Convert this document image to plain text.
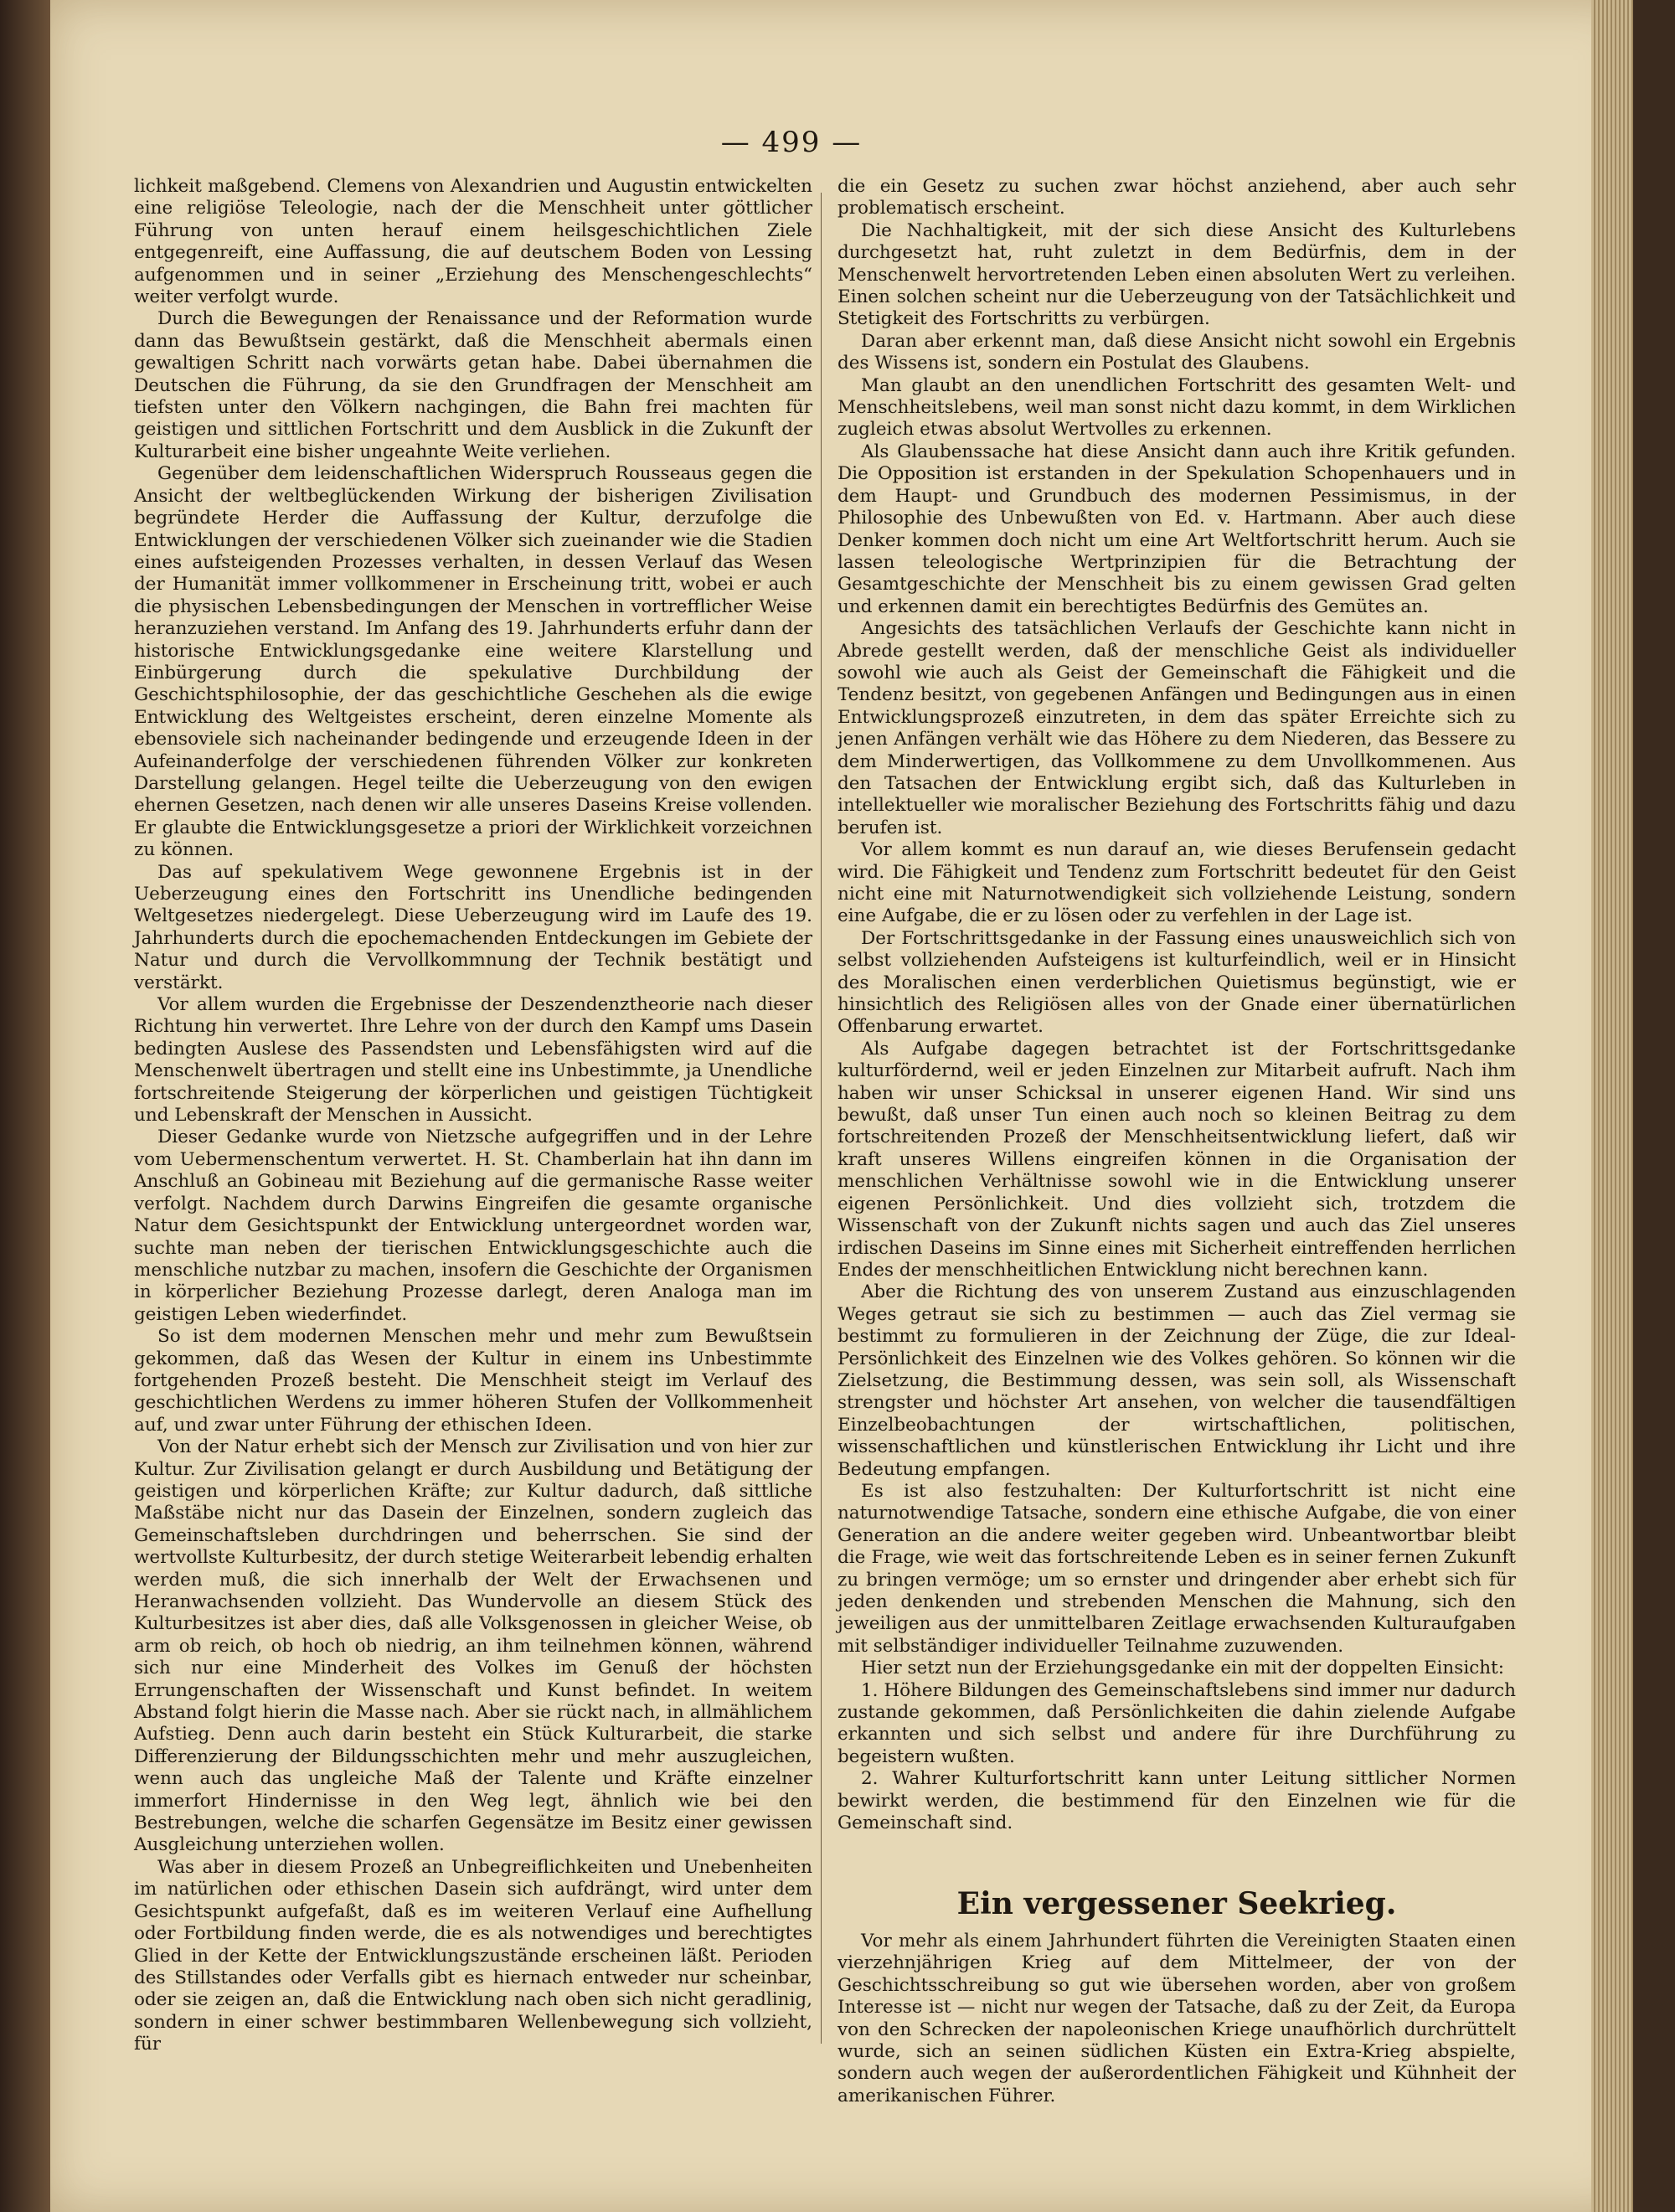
— 499 —

lichkeit maßgebend. Clemens von Alexandrien und Augustin entwickelten eine religiöse Teleologie, nach der die Menschheit unter göttlicher Führung von unten herauf einem heilsgeschichtlichen Ziele entgegenreift, eine Auffassung, die auf deutschem Boden von Lessing aufgenommen und in seiner „Erziehung des Menschengeschlechts“ weiter verfolgt wurde.

Durch die Bewegungen der Renaissance und der Reformation wurde dann das Bewußtsein gestärkt, daß die Menschheit abermals einen gewaltigen Schritt nach vorwärts getan habe. Dabei übernahmen die Deutschen die Führung, da sie den Grundfragen der Menschheit am tiefsten unter den Völkern nachgingen, die Bahn frei machten für geistigen und sittlichen Fortschritt und dem Ausblick in die Zukunft der Kulturarbeit eine bisher ungeahnte Weite verliehen.

Gegenüber dem leidenschaftlichen Widerspruch Rousseaus gegen die Ansicht der weltbeglückenden Wirkung der bisherigen Zivilisation begründete Herder die Auffassung der Kultur, derzufolge die Entwicklungen der verschiedenen Völker sich zueinander wie die Stadien eines aufsteigenden Prozesses verhalten, in dessen Verlauf das Wesen der Humanität immer vollkommener in Erscheinung tritt, wobei er auch die physischen Lebensbedingungen der Menschen in vortrefflicher Weise heranzuziehen verstand. Im Anfang des 19. Jahrhunderts erfuhr dann der historische Entwicklungsgedanke eine weitere Klarstellung und Einbürgerung durch die spekulative Durchbildung der Geschichtsphilosophie, der das geschichtliche Geschehen als die ewige Entwicklung des Weltgeistes erscheint, deren einzelne Momente als ebensoviele sich nacheinander bedingende und erzeugende Ideen in der Aufeinanderfolge der verschiedenen führenden Völker zur konkreten Darstellung gelangen. Hegel teilte die Ueberzeugung von den ewigen ehernen Gesetzen, nach denen wir alle unseres Daseins Kreise vollenden. Er glaubte die Entwicklungsgesetze a priori der Wirklichkeit vorzeichnen zu können.

Das auf spekulativem Wege gewonnene Ergebnis ist in der Ueberzeugung eines den Fortschritt ins Unendliche bedingenden Weltgesetzes niedergelegt. Diese Ueberzeugung wird im Laufe des 19. Jahrhunderts durch die epochemachenden Entdeckungen im Gebiete der Natur und durch die Vervollkommnung der Technik bestätigt und verstärkt.

Vor allem wurden die Ergebnisse der Deszendenztheorie nach dieser Richtung hin verwertet. Ihre Lehre von der durch den Kampf ums Dasein bedingten Auslese des Passendsten und Lebensfähigsten wird auf die Menschenwelt übertragen und stellt eine ins Unbestimmte, ja Unendliche fortschreitende Steigerung der körperlichen und geistigen Tüchtigkeit und Lebenskraft der Menschen in Aussicht.

Dieser Gedanke wurde von Nietzsche aufgegriffen und in der Lehre vom Uebermenschentum verwertet. H. St. Chamberlain hat ihn dann im Anschluß an Gobineau mit Beziehung auf die germanische Rasse weiter verfolgt. Nachdem durch Darwins Eingreifen die gesamte organische Natur dem Gesichtspunkt der Entwicklung untergeordnet worden war, suchte man neben der tierischen Entwicklungsgeschichte auch die menschliche nutzbar zu machen, insofern die Geschichte der Organismen in körperlicher Beziehung Prozesse darlegt, deren Analoga man im geistigen Leben wiederfindet.

So ist dem modernen Menschen mehr und mehr zum Bewußtsein gekommen, daß das Wesen der Kultur in einem ins Unbestimmte fortgehenden Prozeß besteht. Die Menschheit steigt im Verlauf des geschichtlichen Werdens zu immer höheren Stufen der Vollkommenheit auf, und zwar unter Führung der ethischen Ideen.

Von der Natur erhebt sich der Mensch zur Zivilisation und von hier zur Kultur. Zur Zivilisation gelangt er durch Ausbildung und Betätigung der geistigen und körperlichen Kräfte; zur Kultur dadurch, daß sittliche Maßstäbe nicht nur das Dasein der Einzelnen, sondern zugleich das Gemeinschaftsleben durchdringen und beherrschen. Sie sind der wertvollste Kulturbesitz, der durch stetige Weiterarbeit lebendig erhalten werden muß, die sich innerhalb der Welt der Erwachsenen und Heranwachsenden vollzieht. Das Wundervolle an diesem Stück des Kulturbesitzes ist aber dies, daß alle Volksgenossen in gleicher Weise, ob arm ob reich, ob hoch ob niedrig, an ihm teilnehmen können, während sich nur eine Minderheit des Volkes im Genuß der höchsten Errungenschaften der Wissenschaft und Kunst befindet. In weitem Abstand folgt hierin die Masse nach. Aber sie rückt nach, in allmählichem Aufstieg. Denn auch darin besteht ein Stück Kulturarbeit, die starke Differenzierung der Bildungsschichten mehr und mehr auszugleichen, wenn auch das ungleiche Maß der Talente und Kräfte einzelner immerfort Hindernisse in den Weg legt, ähnlich wie bei den Bestrebungen, welche die scharfen Gegensätze im Besitz einer gewissen Ausgleichung unterziehen wollen.

Was aber in diesem Prozeß an Unbegreiflichkeiten und Unebenheiten im natürlichen oder ethischen Dasein sich aufdrängt, wird unter dem Gesichtspunkt aufgefaßt, daß es im weiteren Verlauf eine Aufhellung oder Fortbildung finden werde, die es als notwendiges und berechtigtes Glied in der Kette der Entwicklungszustände erscheinen läßt. Perioden des Stillstandes oder Verfalls gibt es hiernach entweder nur scheinbar, oder sie zeigen an, daß die Entwicklung nach oben sich nicht geradlinig, sondern in einer schwer bestimmbaren Wellenbewegung sich vollzieht, für

die ein Gesetz zu suchen zwar höchst anziehend, aber auch sehr problematisch erscheint.

Die Nachhaltigkeit, mit der sich diese Ansicht des Kulturlebens durchgesetzt hat, ruht zuletzt in dem Bedürfnis, dem in der Menschenwelt hervortretenden Leben einen absoluten Wert zu verleihen. Einen solchen scheint nur die Ueberzeugung von der Tatsächlichkeit und Stetigkeit des Fortschritts zu verbürgen.

Daran aber erkennt man, daß diese Ansicht nicht sowohl ein Ergebnis des Wissens ist, sondern ein Postulat des Glaubens.

Man glaubt an den unendlichen Fortschritt des gesamten Welt- und Menschheitslebens, weil man sonst nicht dazu kommt, in dem Wirklichen zugleich etwas absolut Wertvolles zu erkennen.

Als Glaubenssache hat diese Ansicht dann auch ihre Kritik gefunden. Die Opposition ist erstanden in der Spekulation Schopenhauers und in dem Haupt- und Grundbuch des modernen Pessimismus, in der Philosophie des Unbewußten von Ed. v. Hartmann. Aber auch diese Denker kommen doch nicht um eine Art Weltfortschritt herum. Auch sie lassen teleologische Wertprinzipien für die Betrachtung der Gesamtgeschichte der Menschheit bis zu einem gewissen Grad gelten und erkennen damit ein berechtigtes Bedürfnis des Gemütes an.

Angesichts des tatsächlichen Verlaufs der Geschichte kann nicht in Abrede gestellt werden, daß der menschliche Geist als individueller sowohl wie auch als Geist der Gemeinschaft die Fähigkeit und die Tendenz besitzt, von gegebenen Anfängen und Bedingungen aus in einen Entwicklungsprozeß einzutreten, in dem das später Erreichte sich zu jenen Anfängen verhält wie das Höhere zu dem Niederen, das Bessere zu dem Minderwertigen, das Vollkommene zu dem Unvollkommenen. Aus den Tatsachen der Entwicklung ergibt sich, daß das Kulturleben in intellektueller wie moralischer Beziehung des Fortschritts fähig und dazu berufen ist.

Vor allem kommt es nun darauf an, wie dieses Berufensein gedacht wird. Die Fähigkeit und Tendenz zum Fortschritt bedeutet für den Geist nicht eine mit Naturnotwendigkeit sich vollziehende Leistung, sondern eine Aufgabe, die er zu lösen oder zu verfehlen in der Lage ist.

Der Fortschrittsgedanke in der Fassung eines unausweichlich sich von selbst vollziehenden Aufsteigens ist kulturfeindlich, weil er in Hinsicht des Moralischen einen verderblichen Quietismus begünstigt, wie er hinsichtlich des Religiösen alles von der Gnade einer übernatürlichen Offenbarung erwartet.

Als Aufgabe dagegen betrachtet ist der Fortschrittsgedanke kulturfördernd, weil er jeden Einzelnen zur Mitarbeit aufruft. Nach ihm haben wir unser Schicksal in unserer eigenen Hand. Wir sind uns bewußt, daß unser Tun einen auch noch so kleinen Beitrag zu dem fortschreitenden Prozeß der Menschheitsentwicklung liefert, daß wir kraft unseres Willens eingreifen können in die Organisation der menschlichen Verhältnisse sowohl wie in die Entwicklung unserer eigenen Persönlichkeit. Und dies vollzieht sich, trotzdem die Wissenschaft von der Zukunft nichts sagen und auch das Ziel unseres irdischen Daseins im Sinne eines mit Sicherheit eintreffenden herrlichen Endes der menschheitlichen Entwicklung nicht berechnen kann.

Aber die Richtung des von unserem Zustand aus einzuschlagenden Weges getraut sie sich zu bestimmen — auch das Ziel vermag sie bestimmt zu formulieren in der Zeichnung der Züge, die zur Ideal-Persönlichkeit des Einzelnen wie des Volkes gehören. So können wir die Zielsetzung, die Bestimmung dessen, was sein soll, als Wissenschaft strengster und höchster Art ansehen, von welcher die tausendfältigen Einzelbeobachtungen der wirtschaftlichen, politischen, wissenschaftlichen und künstlerischen Entwicklung ihr Licht und ihre Bedeutung empfangen.

Es ist also festzuhalten: Der Kulturfortschritt ist nicht eine naturnotwendige Tatsache, sondern eine ethische Aufgabe, die von einer Generation an die andere weiter gegeben wird. Unbeantwortbar bleibt die Frage, wie weit das fortschreitende Leben es in seiner fernen Zukunft zu bringen vermöge; um so ernster und dringender aber erhebt sich für jeden denkenden und strebenden Menschen die Mahnung, sich den jeweiligen aus der unmittelbaren Zeitlage erwachsenden Kulturaufgaben mit selbständiger individueller Teilnahme zuzuwenden.

Hier setzt nun der Erziehungsgedanke ein mit der doppelten Einsicht:

1. Höhere Bildungen des Gemeinschaftslebens sind immer nur dadurch zustande gekommen, daß Persönlichkeiten die dahin zielende Aufgabe erkannten und sich selbst und andere für ihre Durchführung zu begeistern wußten.

2. Wahrer Kulturfortschritt kann unter Leitung sittlicher Normen bewirkt werden, die bestimmend für den Einzelnen wie für die Gemeinschaft sind.

Ein vergessener Seekrieg.

Vor mehr als einem Jahrhundert führten die Vereinigten Staaten einen vierzehnjährigen Krieg auf dem Mittelmeer, der von der Geschichtsschreibung so gut wie übersehen worden, aber von großem Interesse ist — nicht nur wegen der Tatsache, daß zu der Zeit, da Europa von den Schrecken der napoleonischen Kriege unaufhörlich durchrüttelt wurde, sich an seinen südlichen Küsten ein Extra-Krieg abspielte, sondern auch wegen der außerordentlichen Fähigkeit und Kühnheit der amerikanischen Führer.
